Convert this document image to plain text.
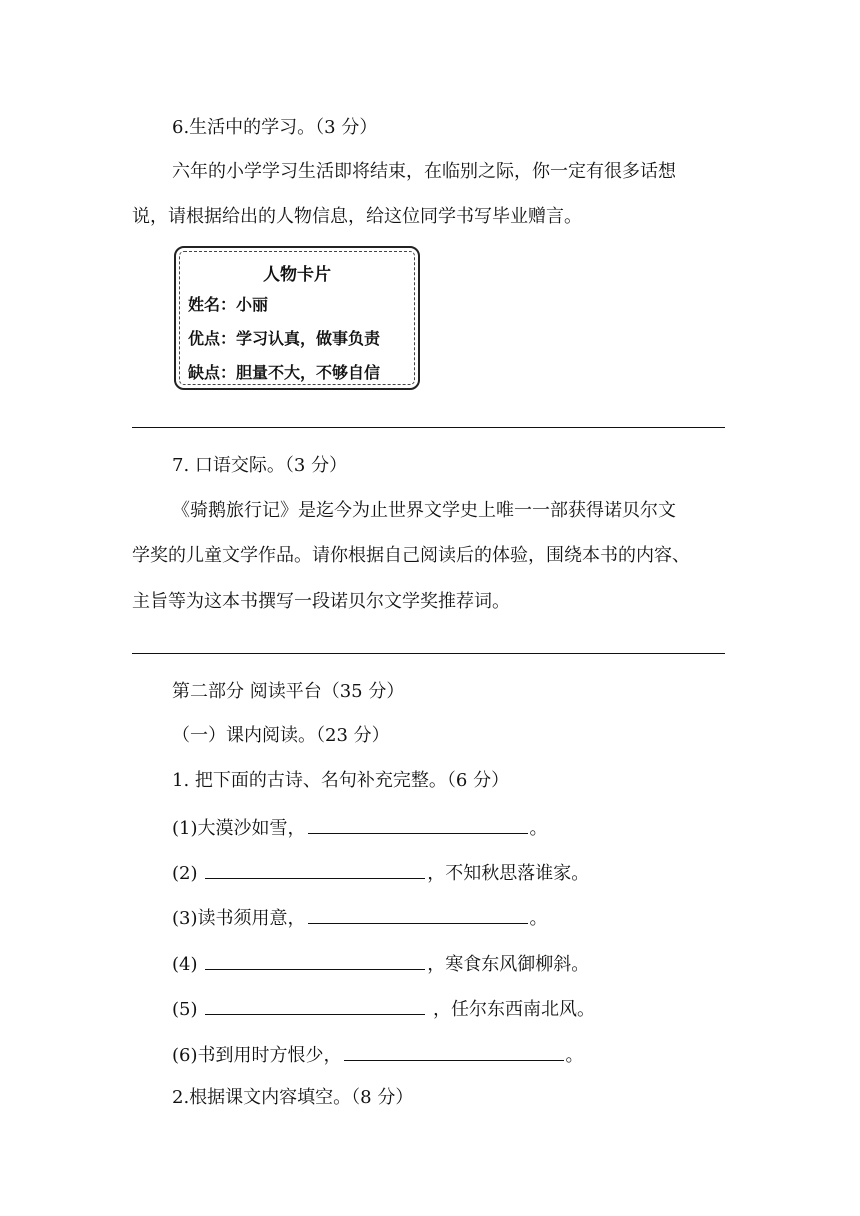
6.生活中的学习。（3 分）
六年的小学学习生活即将结束，在临别之际，你一定有很多话想
说，请根据给出的人物信息，给这位同学书写毕业赠言。
人物卡片
姓名：小丽
优点：学习认真，做事负责
缺点：胆量不大，不够自信
7. 口语交际。（3 分）
《骑鹅旅行记》是迄今为止世界文学史上唯一一部获得诺贝尔文
学奖的儿童文学作品。请你根据自己阅读后的体验，围绕本书的内容、
主旨等为这本书撰写一段诺贝尔文学奖推荐词。
第二部分 阅读平台（35 分）
（一）课内阅读。（23 分）
1. 把下面的古诗、名句补充完整。（6 分）
(1)大漠沙如雪，	。
(2)	，不知秋思落谁家。
(3)读书须用意，	。
(4)	，寒食东风御柳斜。
(5)	，任尔东西南北风。
(6)书到用时方恨少，	。
2.根据课文内容填空。（8 分）
